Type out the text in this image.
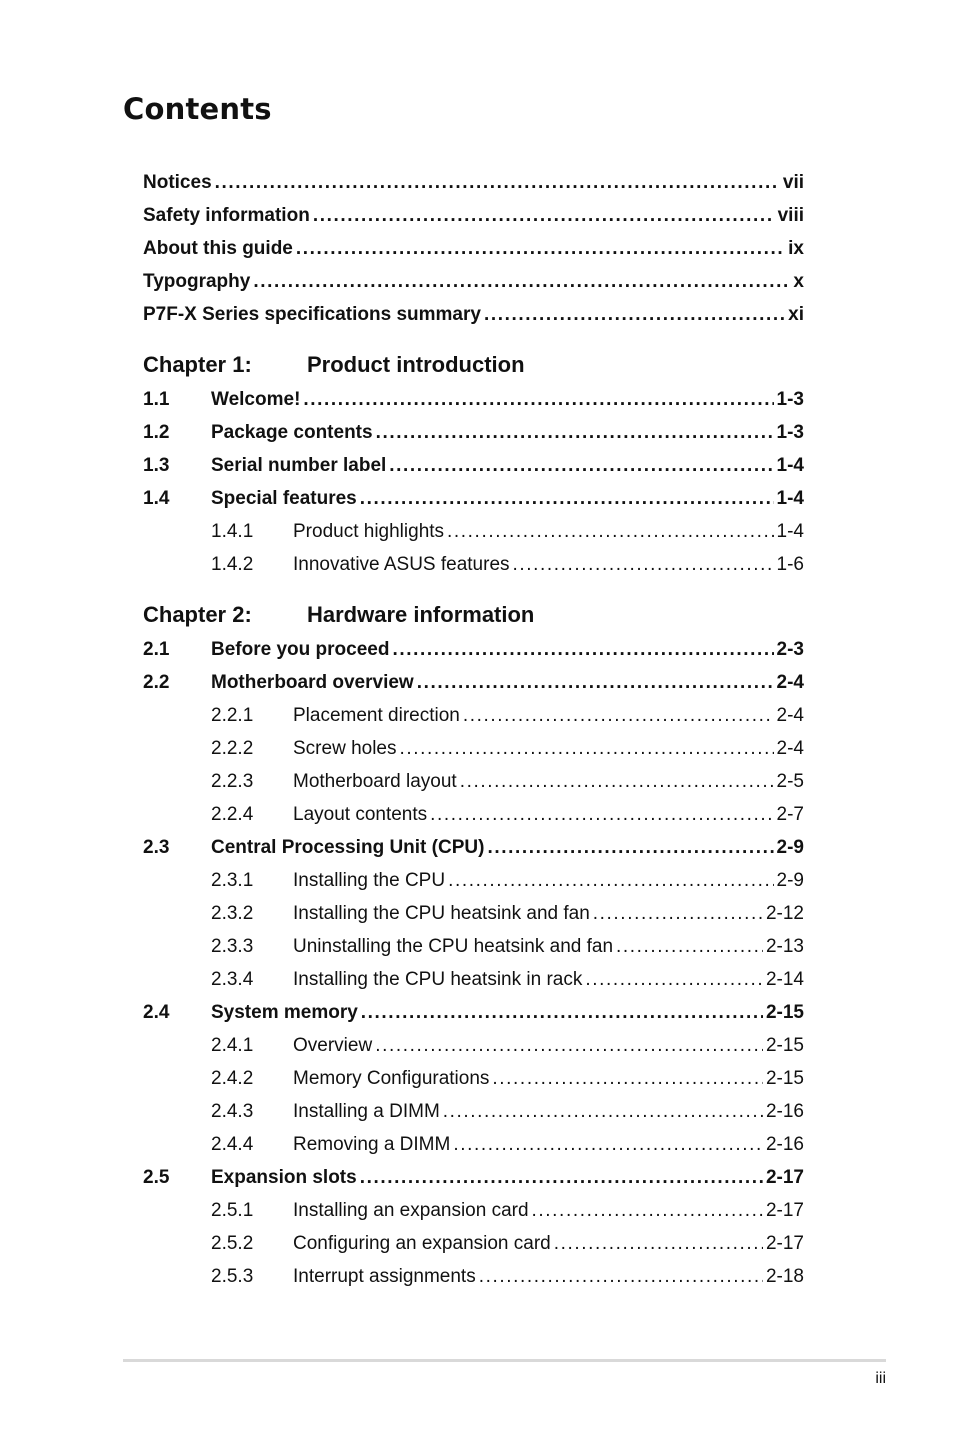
Contents
Notices .....	vii
Safety information .....	viii
About this guide .....	ix
Typography .....	x
P7F-X Series specifications summary .....	xi
Chapter 1:	Product introduction
1.1	Welcome! .....	1-3
1.2	Package contents .....	1-3
1.3	Serial number label .....	1-4
1.4	Special features .....	1-4
1.4.1	Product highlights .....	1-4
1.4.2	Innovative ASUS features .....	1-6
Chapter 2:	Hardware information
2.1	Before you proceed .....	2-3
2.2	Motherboard overview .....	2-4
2.2.1	Placement direction .....	2-4
2.2.2	Screw holes .....	2-4
2.2.3	Motherboard layout .....	2-5
2.2.4	Layout contents .....	2-7
2.3	Central Processing Unit (CPU) .....	2-9
2.3.1	Installing the CPU .....	2-9
2.3.2	Installing the CPU heatsink and fan .....	2-12
2.3.3	Uninstalling the CPU heatsink and fan .....	2-13
2.3.4	Installing the CPU heatsink in rack .....	2-14
2.4	System memory .....	2-15
2.4.1	Overview .....	2-15
2.4.2	Memory Configurations .....	2-15
2.4.3	Installing a DIMM .....	2-16
2.4.4	Removing a DIMM .....	2-16
2.5	Expansion slots .....	2-17
2.5.1	Installing an expansion card .....	2-17
2.5.2	Configuring an expansion card .....	2-17
2.5.3	Interrupt assignments .....	2-18
iii
